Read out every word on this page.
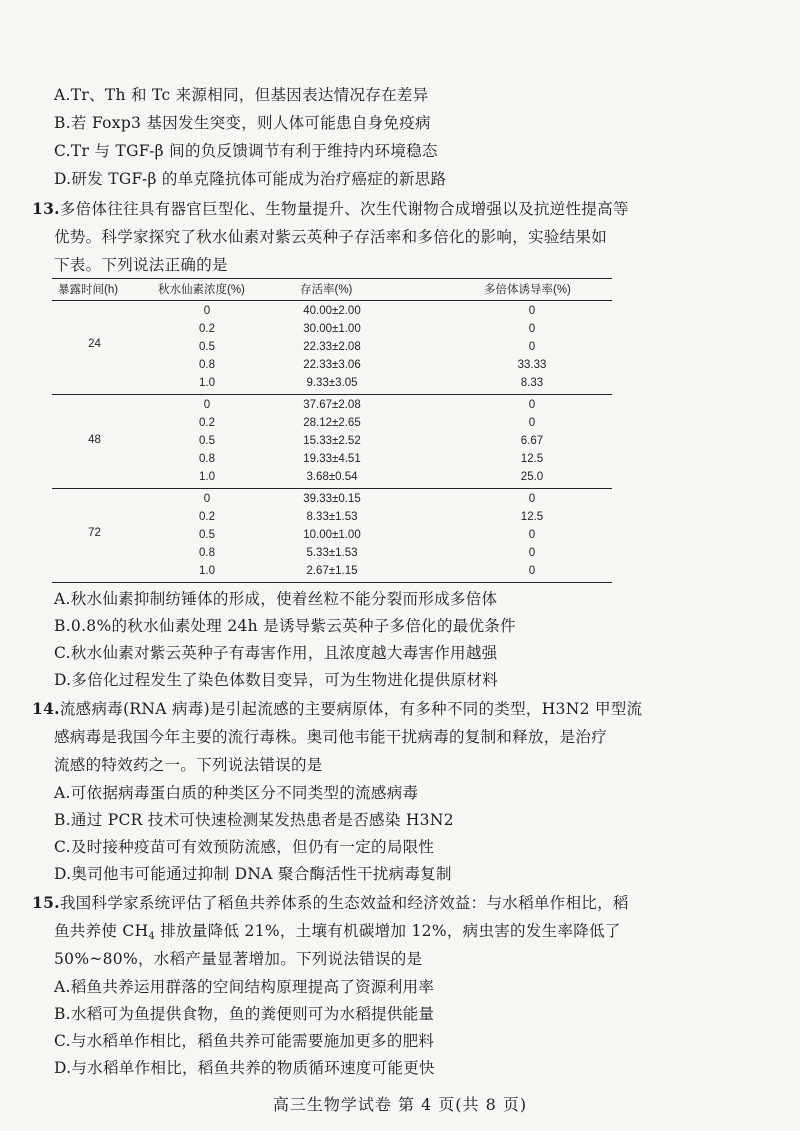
A.Tr、Th 和 Tc 来源相同，但基因表达情况存在差异
B.若 Foxp3 基因发生突变，则人体可能患自身免疫病
C.Tr 与 TGF-β 间的负反馈调节有利于维持内环境稳态
D.研发 TGF-β 的单克隆抗体可能成为治疗癌症的新思路
13.多倍体往往具有器官巨型化、生物量提升、次生代谢物合成增强以及抗逆性提高等
优势。科学家探究了秋水仙素对紫云英种子存活率和多倍化的影响，实验结果如
下表。下列说法正确的是
暴露时间(h)	秋水仙素浓度(%)	存活率(%)	多倍体诱导率(%)
24
0	40.00±2.00	0
0.2	30.00±1.00	0
0.5	22.33±2.08	0
0.8	22.33±3.06	33.33
1.0	9.33±3.05	8.33
48
0	37.67±2.08	0
0.2	28.12±2.65	0
0.5	15.33±2.52	6.67
0.8	19.33±4.51	12.5
1.0	3.68±0.54	25.0
72
0	39.33±0.15	0
0.2	8.33±1.53	12.5
0.5	10.00±1.00	0
0.8	5.33±1.53	0
1.0	2.67±1.15	0
A.秋水仙素抑制纺锤体的形成，使着丝粒不能分裂而形成多倍体
B.0.8%的秋水仙素处理 24h 是诱导紫云英种子多倍化的最优条件
C.秋水仙素对紫云英种子有毒害作用，且浓度越大毒害作用越强
D.多倍化过程发生了染色体数目变异，可为生物进化提供原材料
14.流感病毒(RNA 病毒)是引起流感的主要病原体，有多种不同的类型，H3N2 甲型流
感病毒是我国今年主要的流行毒株。奥司他韦能干扰病毒的复制和释放，是治疗
流感的特效药之一。下列说法错误的是
A.可依据病毒蛋白质的种类区分不同类型的流感病毒
B.通过 PCR 技术可快速检测某发热患者是否感染 H3N2
C.及时接种疫苗可有效预防流感，但仍有一定的局限性
D.奥司他韦可能通过抑制 DNA 聚合酶活性干扰病毒复制
15.我国科学家系统评估了稻鱼共养体系的生态效益和经济效益：与水稻单作相比，稻
鱼共养使 $CH_4$ 排放量降低 21%，土壤有机碳增加 12%，病虫害的发生率降低了
50%~80%，水稻产量显著增加。下列说法错误的是
A.稻鱼共养运用群落的空间结构原理提高了资源利用率
B.水稻可为鱼提供食物，鱼的粪便则可为水稻提供能量
C.与水稻单作相比，稻鱼共养可能需要施加更多的肥料
D.与水稻单作相比，稻鱼共养的物质循环速度可能更快
高三生物学试卷 第 4 页(共 8 页)
